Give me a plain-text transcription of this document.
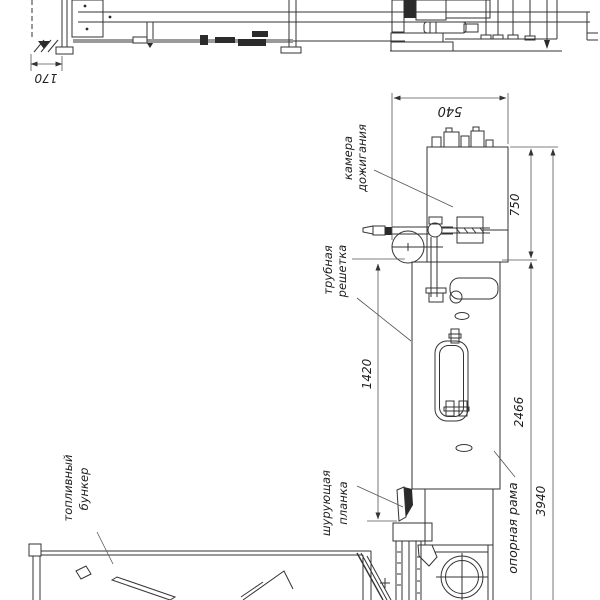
170
540
750
2466
3940
1420
камера дожигания
трубная решетка
топливный бункер	шурующая планка	опорная рама
